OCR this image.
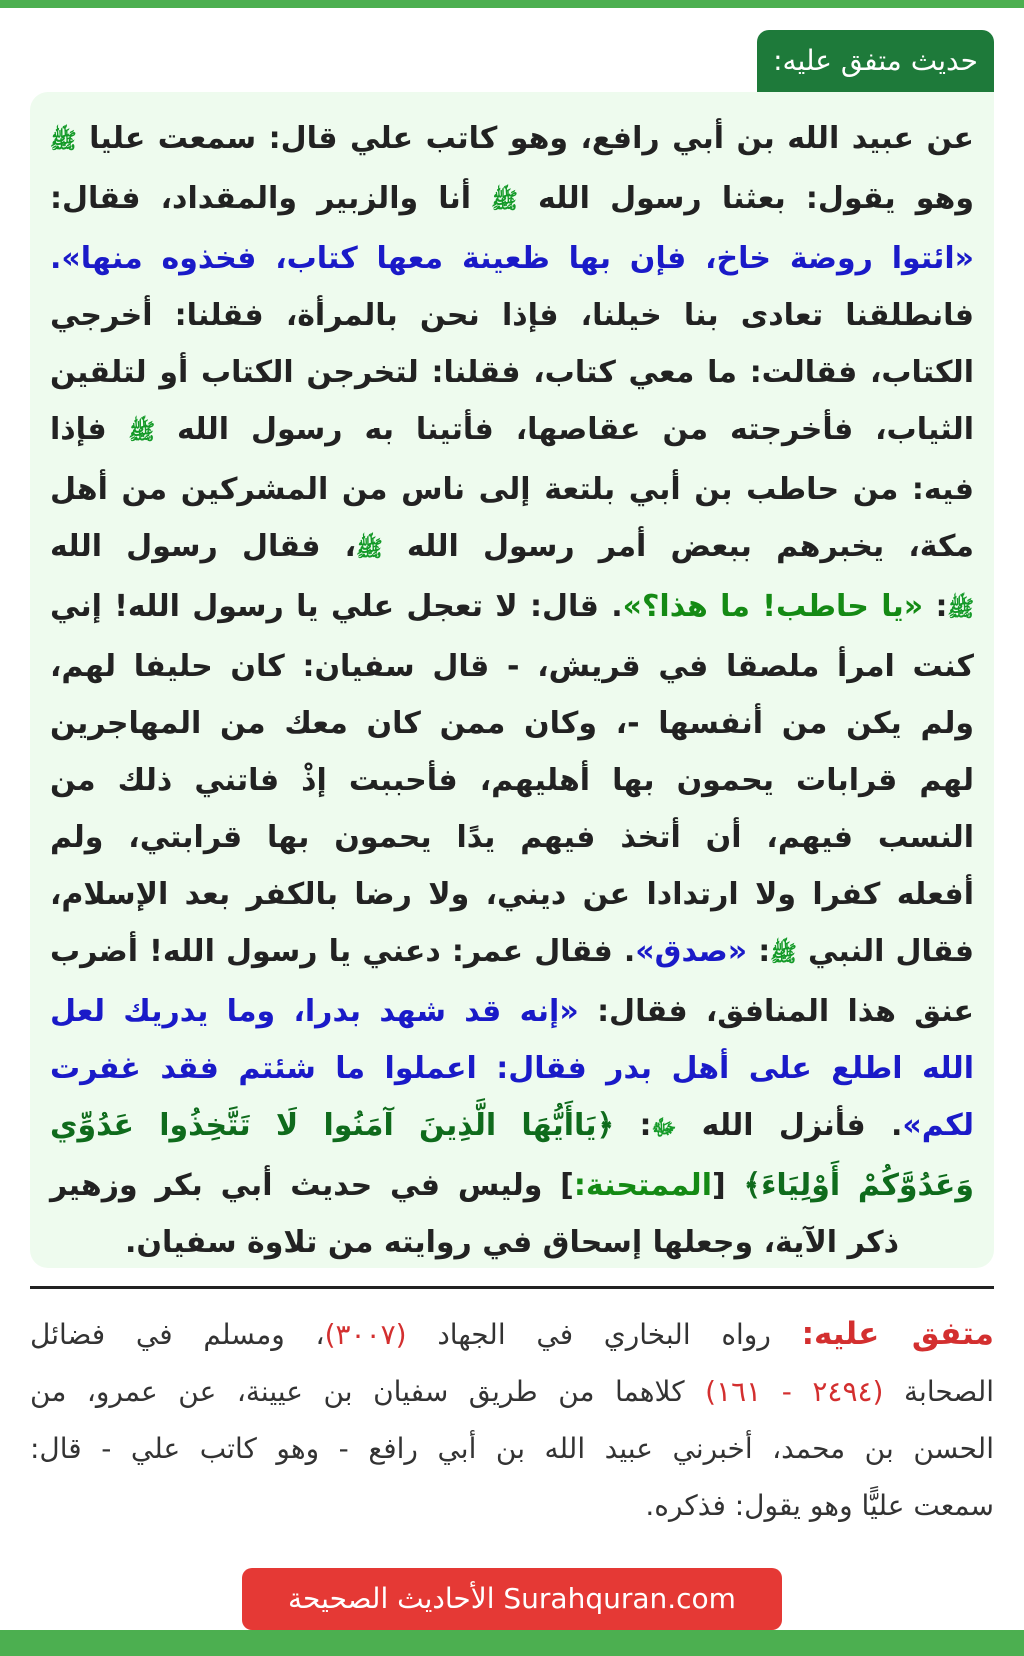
حديث متفق عليه:
عن عبيد الله بن أبي رافع، وهو كاتب علي قال: سمعت عليا ﷺ
وهو يقول: بعثنا رسول الله ﷺ أنا والزبير والمقداد، فقال:
«ائتوا روضة خاخ، فإن بها ظعينة معها كتاب، فخذوه منها».
فانطلقنا تعادى بنا خيلنا، فإذا نحن بالمرأة، فقلنا: أخرجي
الكتاب، فقالت: ما معي كتاب، فقلنا: لتخرجن الكتاب أو لتلقين
الثياب، فأخرجته من عقاصها، فأتينا به رسول الله ﷺ فإذا
فيه: من حاطب بن أبي بلتعة إلى ناس من المشركين من أهل
مكة، يخبرهم ببعض أمر رسول الله ﷺ، فقال رسول الله
ﷺ: «يا حاطب! ما هذا؟». قال: لا تعجل علي يا رسول الله! إني
كنت امرأ ملصقا في قريش، - قال سفيان: كان حليفا لهم،
ولم يكن من أنفسها -، وكان ممن كان معك من المهاجرين
لهم قرابات يحمون بها أهليهم، فأحببت إذْ فاتني ذلك من
النسب فيهم، أن أتخذ فيهم يدًا يحمون بها قرابتي، ولم
أفعله كفرا ولا ارتدادا عن ديني، ولا رضا بالكفر بعد الإسلام،
فقال النبي ﷺ: «صدق». فقال عمر: دعني يا رسول الله! أضرب
عنق هذا المنافق، فقال: «إنه قد شهد بدرا، وما يدريك لعل
الله اطلع على أهل بدر فقال: اعملوا ما شئتم فقد غفرت
لكم». فأنزل الله ﷻ: ﴿يَاأَيُّهَا الَّذِينَ آمَنُوا لَا تَتَّخِذُوا عَدُوِّي
وَعَدُوَّكُمْ أَوْلِيَاءَ﴾ [الممتحنة:] وليس في حديث أبي بكر وزهير
ذكر الآية، وجعلها إسحاق في روايته من تلاوة سفيان.
متفق عليه: رواه البخاري في الجهاد (٣٠٠٧)، ومسلم في فضائل
الصحابة (٢٤٩٤ - ١٦١) كلاهما من طريق سفيان بن عيينة، عن عمرو، من
الحسن بن محمد، أخبرني عبيد الله بن أبي رافع - وهو كاتب علي - قال:
سمعت عليًّا وهو يقول: فذكره.
الأحاديث الصحيحة Surahquran.com
